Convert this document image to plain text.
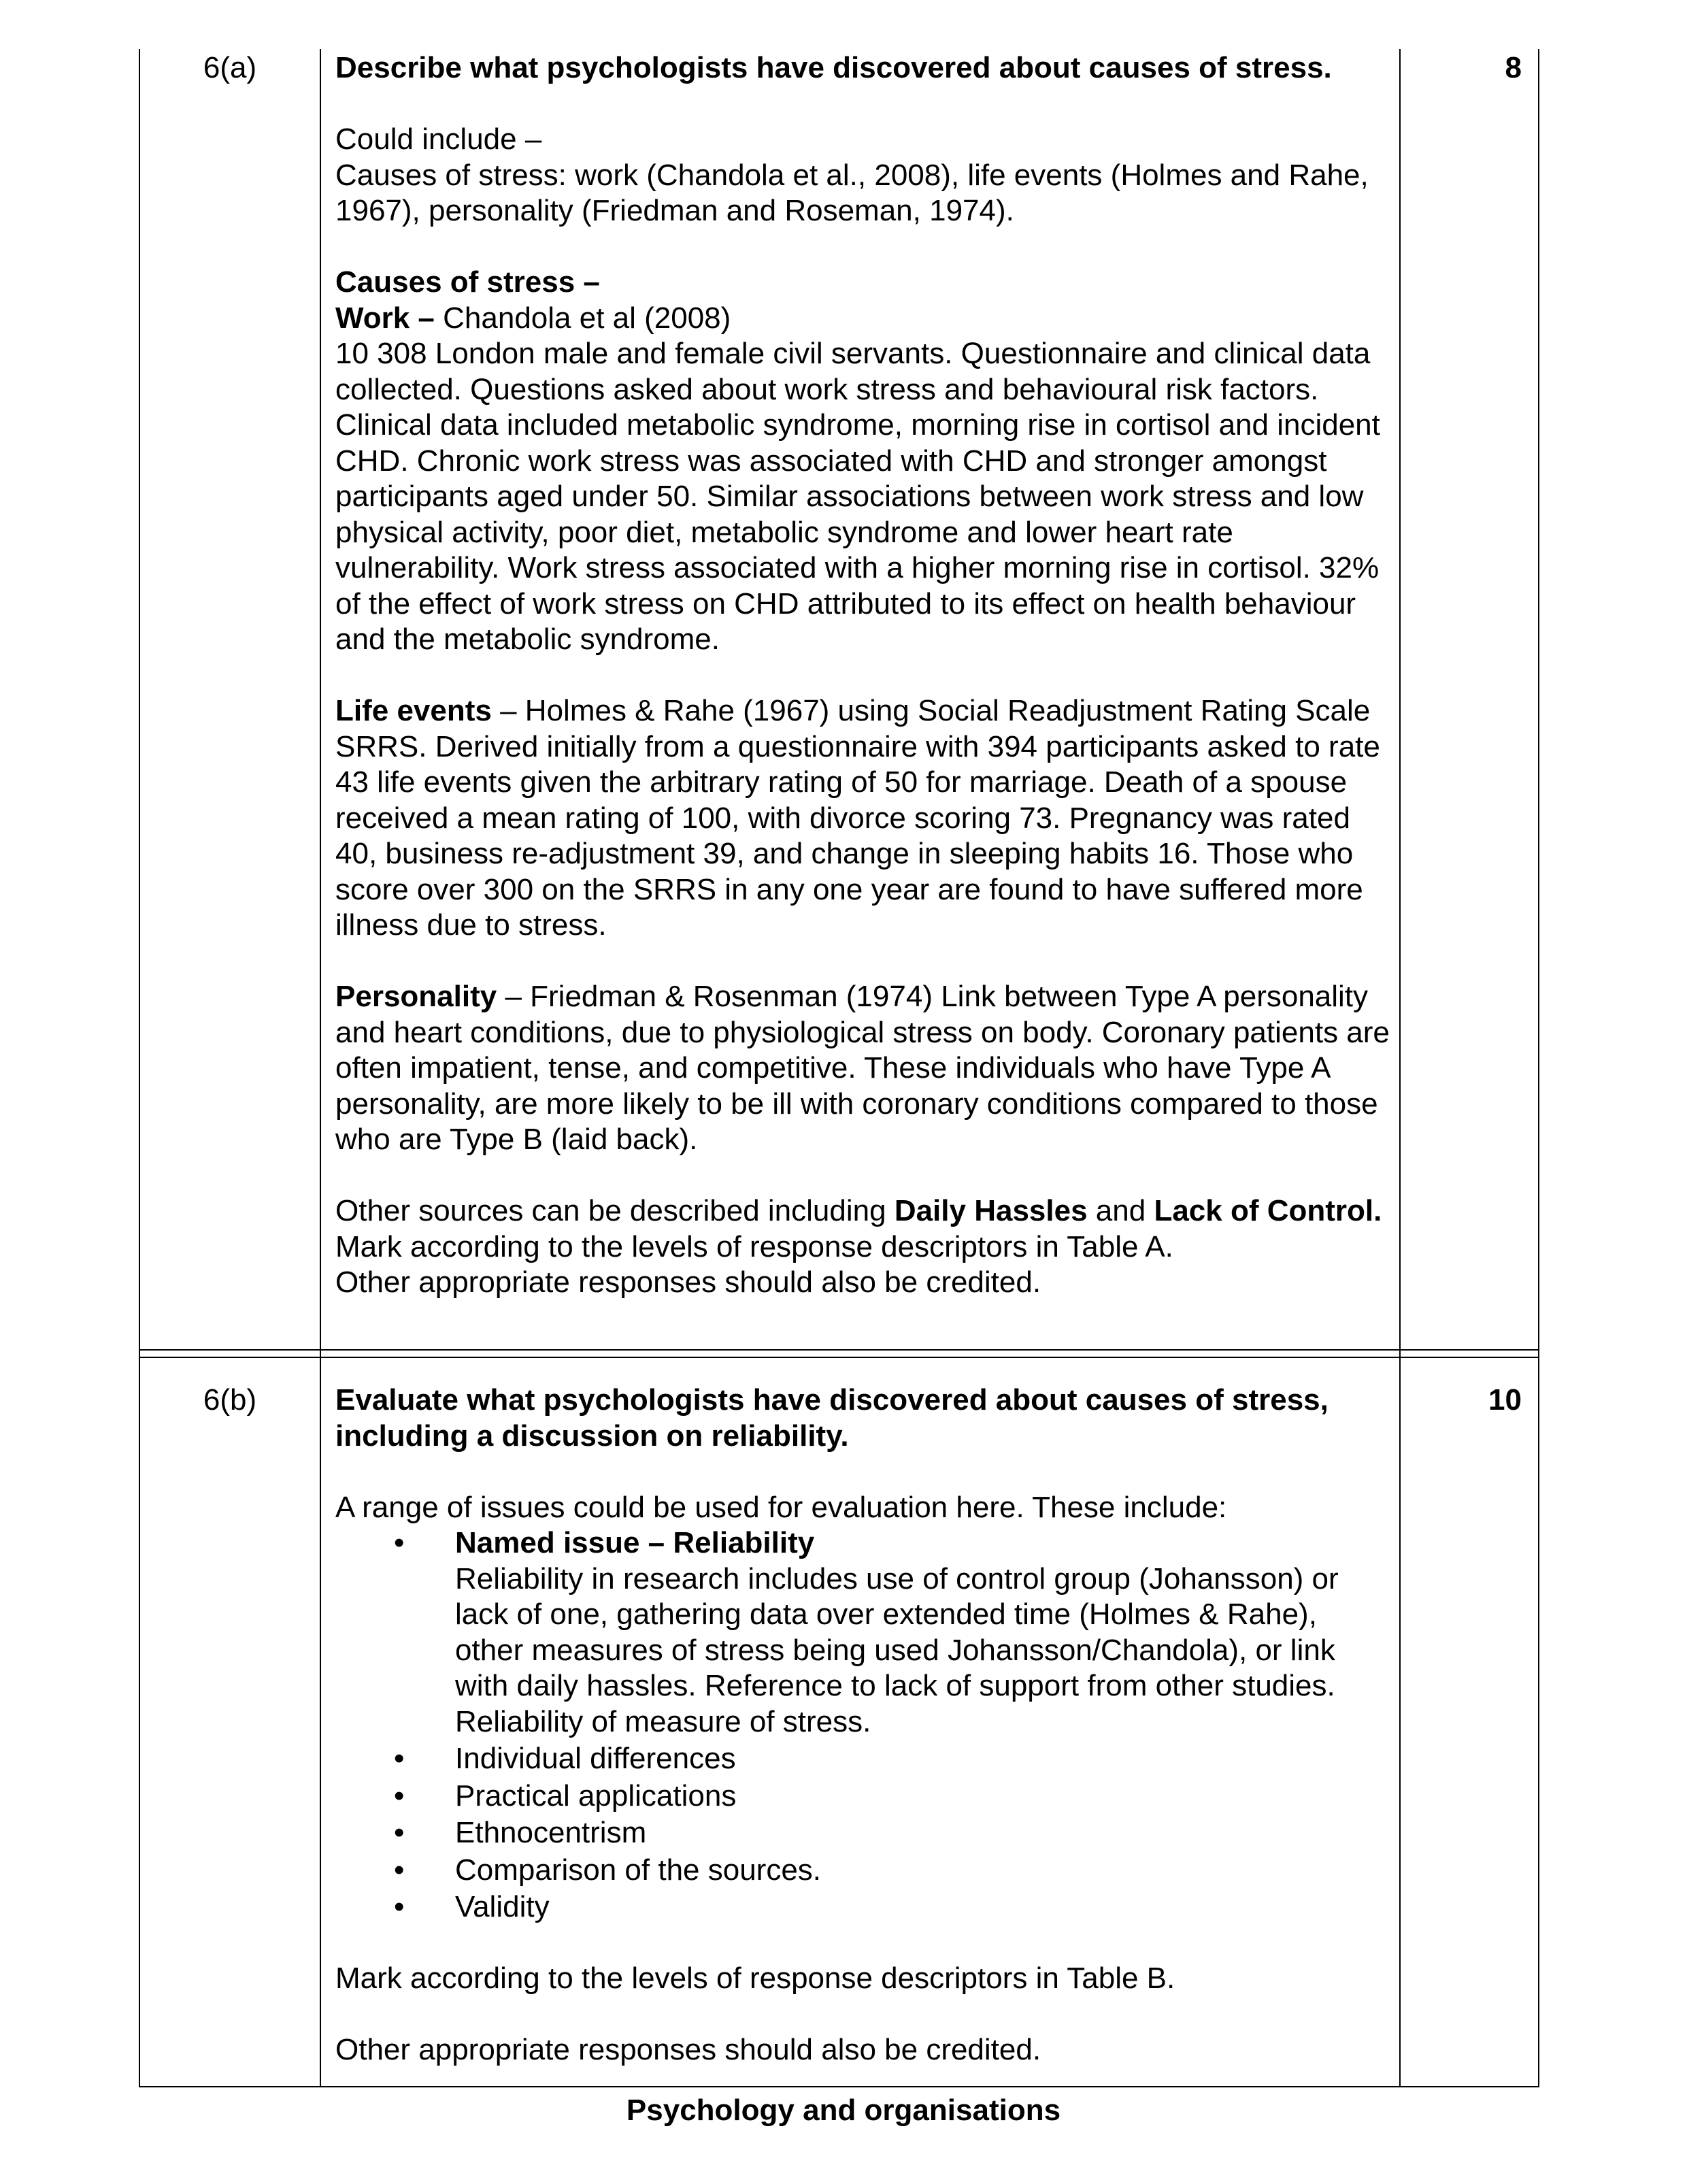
6(a)	8

Describe what psychologists have discovered about causes of stress.

Could include –

Causes of stress: work (Chandola et al., 2008), life events (Holmes and Rahe, 1967), personality (Friedman and Roseman, 1974).

Causes of stress –

Work – Chandola et al (2008)

10 308 London male and female civil servants. Questionnaire and clinical data collected. Questions asked about work stress and behavioural risk factors. Clinical data included metabolic syndrome, morning rise in cortisol and incident CHD. Chronic work stress was associated with CHD and stronger amongst participants aged under 50. Similar associations between work stress and low physical activity, poor diet, metabolic syndrome and lower heart rate vulnerability. Work stress associated with a higher morning rise in cortisol. 32% of the effect of work stress on CHD attributed to its effect on health behaviour and the metabolic syndrome.

Life events – Holmes & Rahe (1967) using Social Readjustment Rating Scale SRRS. Derived initially from a questionnaire with 394 participants asked to rate 43 life events given the arbitrary rating of 50 for marriage. Death of a spouse received a mean rating of 100, with divorce scoring 73. Pregnancy was rated 40, business re-adjustment 39, and change in sleeping habits 16. Those who score over 300 on the SRRS in any one year are found to have suffered more illness due to stress.

Personality – Friedman & Rosenman (1974) Link between Type A personality and heart conditions, due to physiological stress on body. Coronary patients are often impatient, tense, and competitive. These individuals who have Type A personality, are more likely to be ill with coronary conditions compared to those who are Type B (laid back).

Other sources can be described including Daily Hassles and Lack of Control.

Mark according to the levels of response descriptors in Table A.

Other appropriate responses should also be credited.

6(b)	10

Evaluate what psychologists have discovered about causes of stress, including a discussion on reliability.

A range of issues could be used for evaluation here. These include:

• Named issue – Reliability

Reliability in research includes use of control group (Johansson) or lack of one, gathering data over extended time (Holmes & Rahe), other measures of stress being used Johansson/Chandola), or link with daily hassles. Reference to lack of support from other studies. Reliability of measure of stress.

• Individual differences
• Practical applications
• Ethnocentrism
• Comparison of the sources.
• Validity

Mark according to the levels of response descriptors in Table B.

Other appropriate responses should also be credited.

Psychology and organisations
